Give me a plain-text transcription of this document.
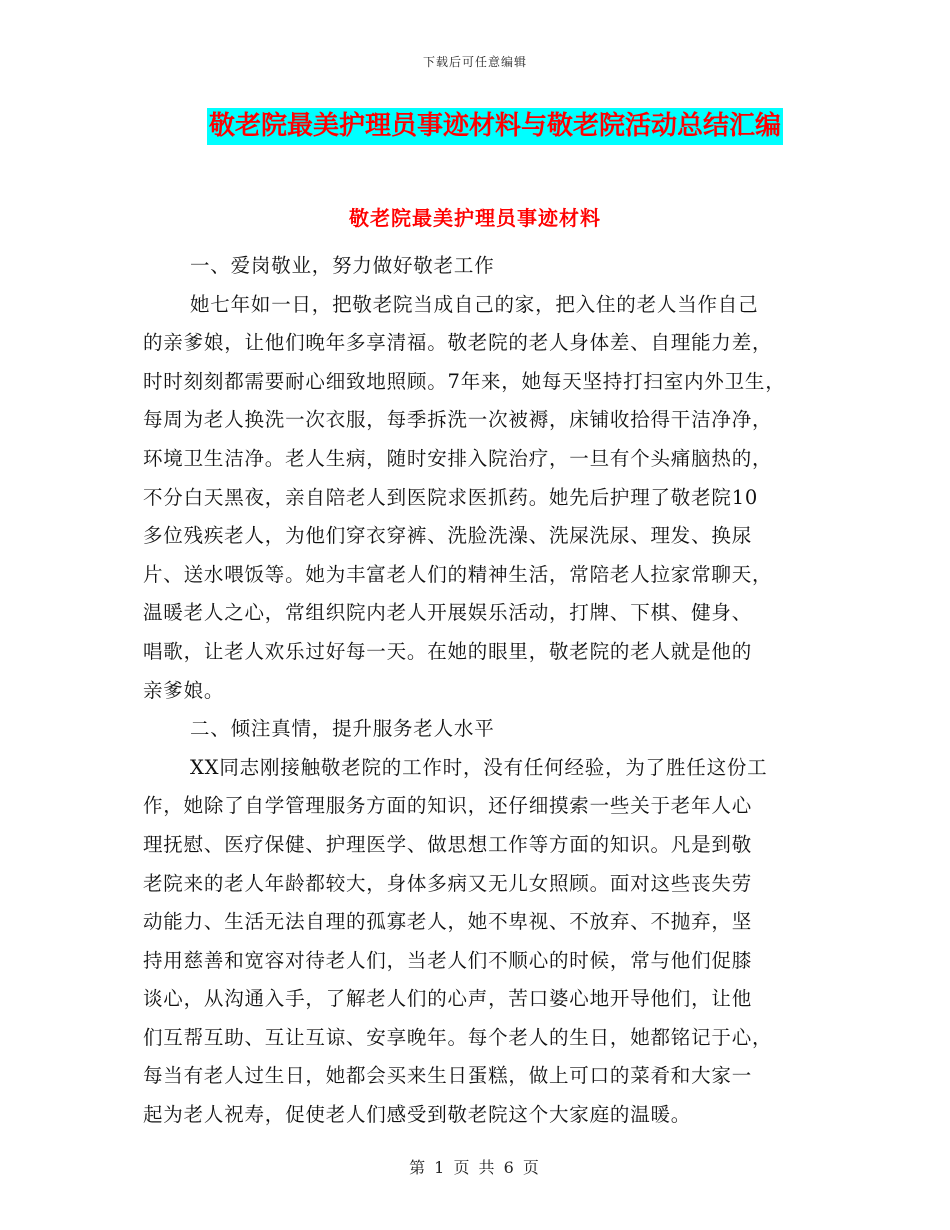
下载后可任意编辑
敬老院最美护理员事迹材料与敬老院活动总结汇编
敬老院最美护理员事迹材料
一、爱岗敬业，努力做好敬老工作
她七年如一日，把敬老院当成自己的家，把入住的老人当作自己
的亲爹娘，让他们晚年多享清福。敬老院的老人身体差、自理能力差，
时时刻刻都需要耐心细致地照顾。7年来，她每天坚持打扫室内外卫生，
每周为老人换洗一次衣服，每季拆洗一次被褥，床铺收拾得干洁净净，
环境卫生洁净。老人生病，随时安排入院治疗，一旦有个头痛脑热的，
不分白天黑夜，亲自陪老人到医院求医抓药。她先后护理了敬老院10
多位残疾老人，为他们穿衣穿裤、洗脸洗澡、洗屎洗尿、理发、换尿
片、送水喂饭等。她为丰富老人们的精神生活，常陪老人拉家常聊天，
温暖老人之心，常组织院内老人开展娱乐活动，打牌、下棋、健身、
唱歌，让老人欢乐过好每一天。在她的眼里，敬老院的老人就是他的
亲爹娘。
二、倾注真情，提升服务老人水平
XX同志刚接触敬老院的工作时，没有任何经验，为了胜任这份工
作，她除了自学管理服务方面的知识，还仔细摸索一些关于老年人心
理抚慰、医疗保健、护理医学、做思想工作等方面的知识。凡是到敬
老院来的老人年龄都较大，身体多病又无儿女照顾。面对这些丧失劳
动能力、生活无法自理的孤寡老人，她不卑视、不放弃、不抛弃，坚
持用慈善和宽容对待老人们，当老人们不顺心的时候，常与他们促膝
谈心，从沟通入手，了解老人们的心声，苦口婆心地开导他们，让他
们互帮互助、互让互谅、安享晚年。每个老人的生日，她都铭记于心，
每当有老人过生日，她都会买来生日蛋糕，做上可口的菜肴和大家一
起为老人祝寿，促使老人们感受到敬老院这个大家庭的温暖。
第 1 页 共 6 页
